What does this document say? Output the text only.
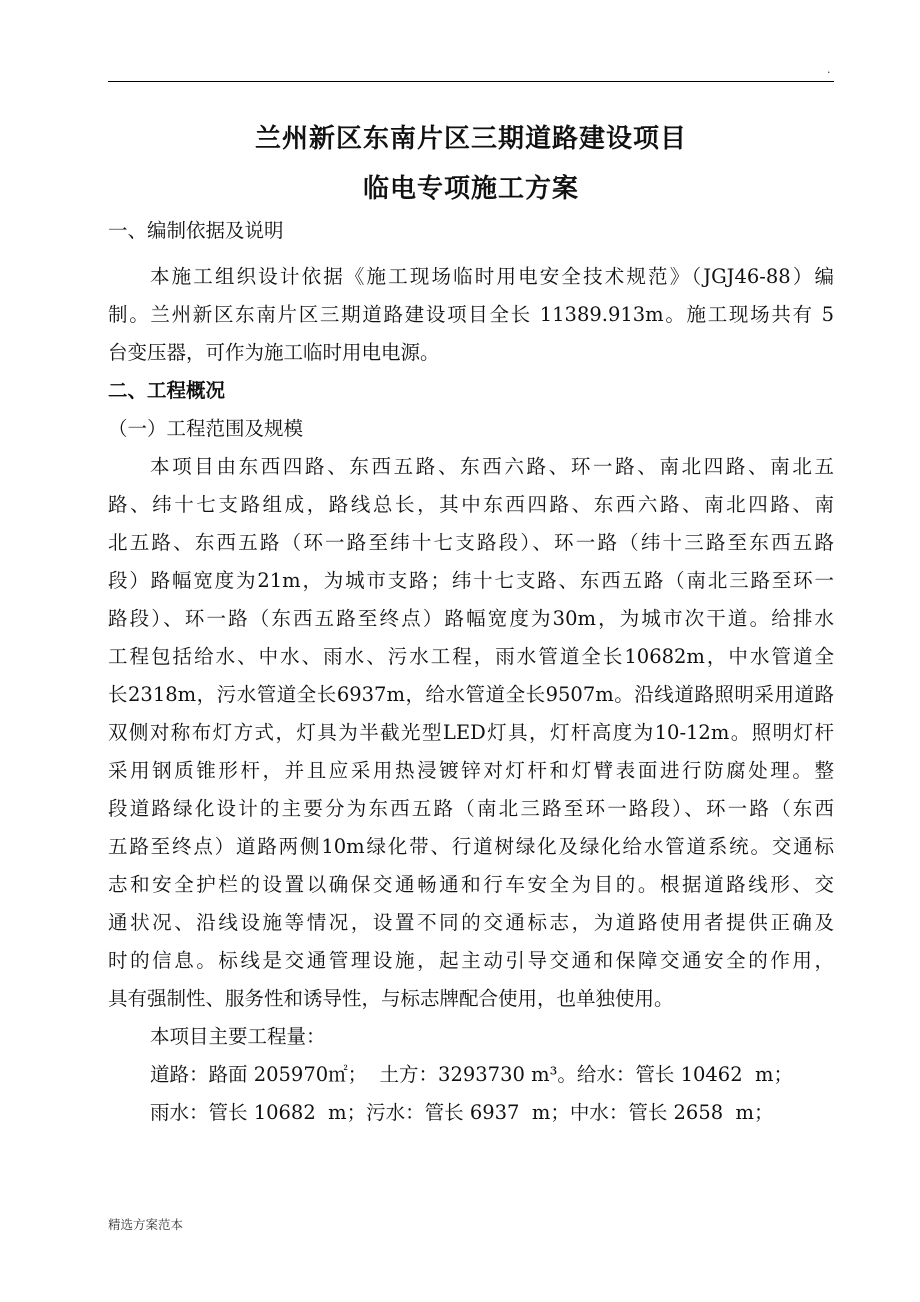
.
兰州新区东南片区三期道路建设项目
临电专项施工方案
一、编制依据及说明
本施工组织设计依据《施工现场临时用电安全技术规范》（JGJ46-88）编
制。兰州新区东南片区三期道路建设项目全长 11389.913m。施工现场共有 5
台变压器，可作为施工临时用电电源。
二、工程概况
（一）工程范围及规模
本项目由东西四路、东西五路、东西六路、环一路、南北四路、南北五
路、纬十七支路组成，路线总长，其中东西四路、东西六路、南北四路、南
北五路、东西五路（环一路至纬十七支路段）、环一路（纬十三路至东西五路
段）路幅宽度为21m，为城市支路；纬十七支路、东西五路（南北三路至环一
路段）、环一路（东西五路至终点）路幅宽度为30m，为城市次干道。给排水
工程包括给水、中水、雨水、污水工程，雨水管道全长10682m，中水管道全
长2318m，污水管道全长6937m，给水管道全长9507m。沿线道路照明采用道路
双侧对称布灯方式，灯具为半截光型LED灯具，灯杆高度为10-12m。照明灯杆
采用钢质锥形杆，并且应采用热浸镀锌对灯杆和灯臂表面进行防腐处理。整
段道路绿化设计的主要分为东西五路（南北三路至环一路段）、环一路（东西
五路至终点）道路两侧10m绿化带、行道树绿化及绿化给水管道系统。交通标
志和安全护栏的设置以确保交通畅通和行车安全为目的。根据道路线形、交
通状况、沿线设施等情况，设置不同的交通标志，为道路使用者提供正确及
时的信息。标线是交通管理设施，起主动引导交通和保障交通安全的作用，
具有强制性、服务性和诱导性，与标志牌配合使用，也单独使用。
本项目主要工程量：
道路：路面 205970㎡；  土方：3293730 m³。给水：管长 10462  m；
雨水：管长 10682  m；污水：管长 6937  m；中水：管长 2658  m；
精选方案范本
